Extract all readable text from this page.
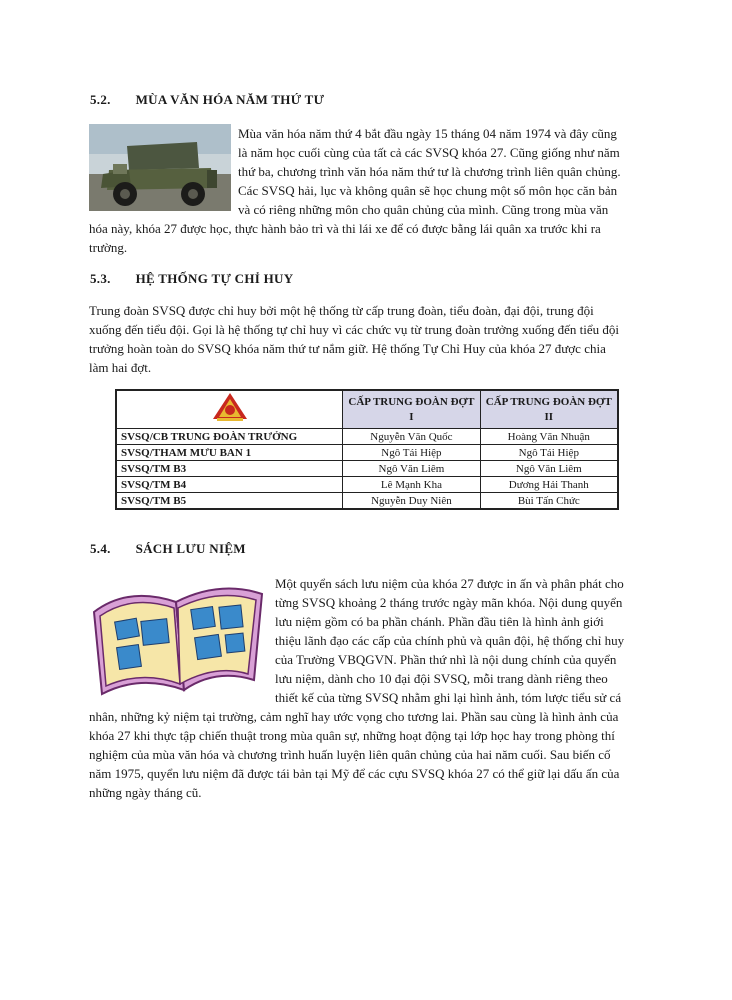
5.2. MÙA VĂN HÓA NĂM THỨ TƯ
Mùa văn hóa năm thứ 4 bắt đầu ngày 15 tháng 04 năm 1974 và đây cũng
là năm học cuối cùng của tất cả các SVSQ khóa 27. Cũng giống như năm
thứ ba, chương trình văn hóa năm thứ tư là chương trình liên quân chủng.
Các SVSQ hải, lục và không quân sẽ học chung một số môn học căn bản
và có riêng những môn cho quân chủng của mình. Cũng trong mùa văn
hóa này, khóa 27 được học, thực hành bảo trì và thi lái xe để có được bằng lái quân xa trước khi ra
trường.
5.3. HỆ THỐNG TỰ CHỈ HUY
Trung đoàn SVSQ được chỉ huy bởi một hệ thống từ cấp trung đoàn, tiểu đoàn, đại đội, trung đội
xuống đến tiểu đội. Gọi là hệ thống tự chỉ huy vì các chức vụ từ trung đoàn trưởng xuống đến tiểu đội
trưởng hoàn toàn do SVSQ khóa năm thứ tư nắm giữ. Hệ thống Tự Chỉ Huy của khóa 27 được chia
làm hai đợt.
	CẤP TRUNG ĐOÀN ĐỢT I	CẤP TRUNG ĐOÀN ĐỢT II
SVSQ/CB TRUNG ĐOÀN TRƯỞNG	Nguyễn Văn Quốc	Hoàng Văn Nhuận
SVSQ/THAM MƯU BAN 1	Ngô Tái Hiệp	Ngô Tái Hiệp
SVSQ/TM B3	Ngô Văn Liêm	Ngô Văn Liêm
SVSQ/TM B4	Lê Mạnh Kha	Dương Hải Thanh
SVSQ/TM B5	Nguyễn Duy Niên	Bùi Tấn Chức
5.4. SÁCH LƯU NIỆM
Một quyển sách lưu niệm của khóa 27 được in ấn và phân phát cho
từng SVSQ khoảng 2 tháng trước ngày mãn khóa. Nội dung quyển
lưu niệm gồm có ba phần chánh. Phần đầu tiên là hình ảnh giới
thiệu lãnh đạo các cấp của chính phủ và quân đội, hệ thống chỉ huy
của Trường VBQGVN. Phần thứ nhì là nội dung chính của quyển
lưu niệm, dành cho 10 đại đội SVSQ, mỗi trang dành riêng theo
thiết kế của từng SVSQ nhằm ghi lại hình ảnh, tóm lược tiểu sử cá
nhân, những kỷ niệm tại trường, cảm nghĩ hay ước vọng cho tương lai. Phần sau cùng là hình ảnh của
khóa 27 khi thực tập chiến thuật trong mùa quân sự, những hoạt động tại lớp học hay trong phòng thí
nghiệm của mùa văn hóa và chương trình huấn luyện liên quân chủng của hai năm cuối. Sau biến cố
năm 1975, quyển lưu niệm đã được tái bản tại Mỹ để các cựu SVSQ khóa 27 có thể giữ lại dấu ấn của
những ngày tháng cũ.
